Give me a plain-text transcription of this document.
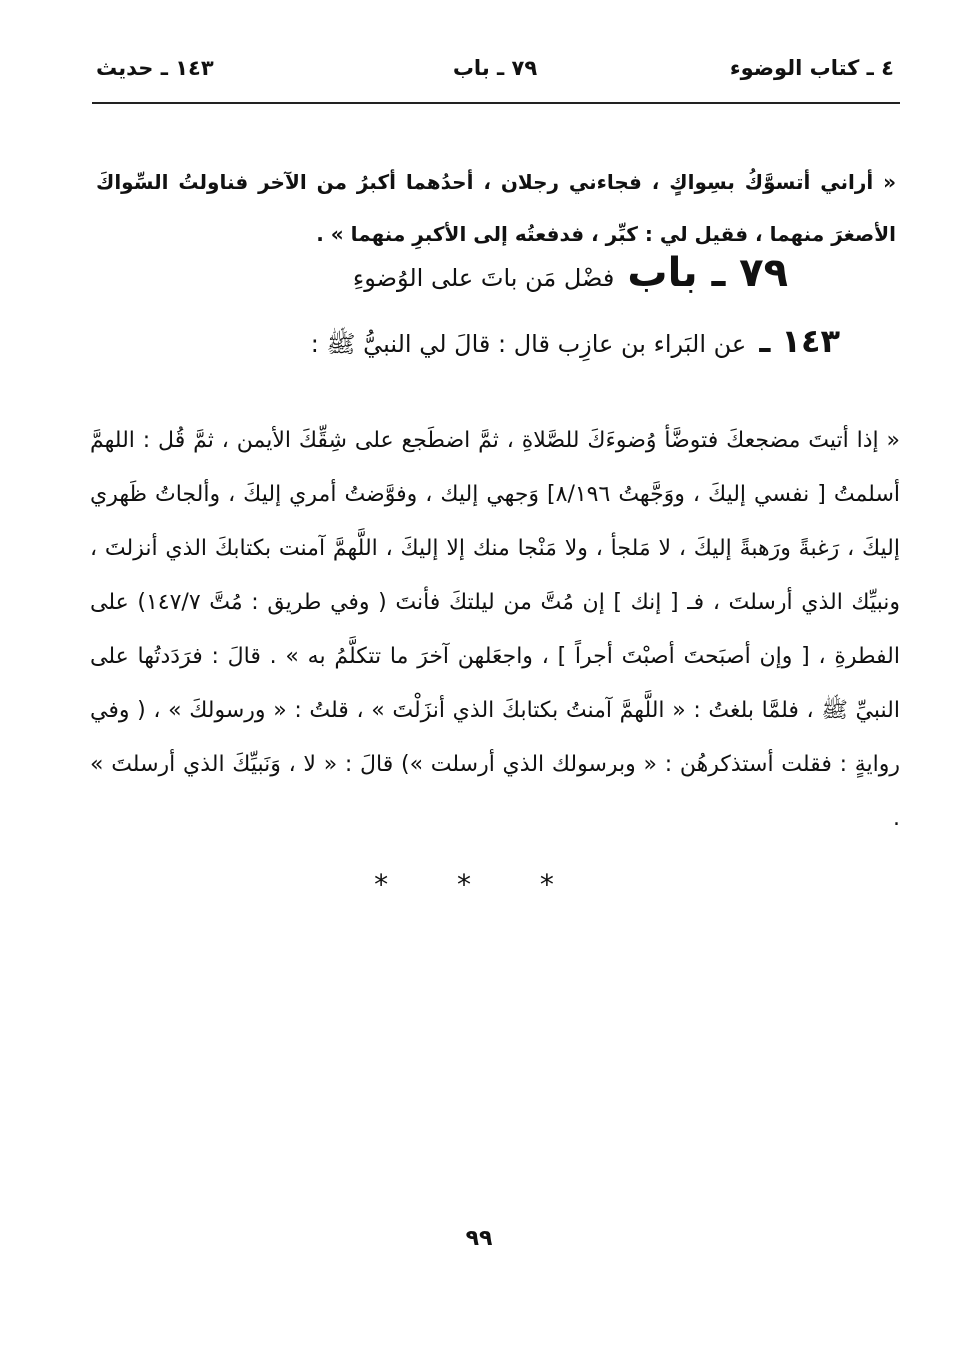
٤ ـ كتاب الوضوء
٧٩ ـ باب
١٤٣ ـ حديث

« أراني أتسوَّكُ بسِواكٍ ، فجاءني رجلان ، أحدُهما أكبرُ من الآخر فناولتُ السِّواكَ الأصغرَ منهما ، فقيل لي : كبِّر ، فدفعتُه إلى الأكبرِ منهما » .

٧٩ ـ باب فضْل مَن باتَ على الوُضوءِ
١٤٣ ـ عن البَراء بن عازِب قال : قالَ لي النبيُّ ﷺ :

« إذا أتيتَ مضجعكَ فتوضَّأ وُضوءَكَ للصَّلاةِ ، ثمَّ اضطَجع على شِقِّكَ الأيمن ، ثمَّ قُل : اللهمَّ أسلمتُ [ نفسي إليكَ ، ووَجَّهتُ ٨/١٩٦] وَجهي إليك ، وفوَّضتُ أمري إليكَ ، وألجاتُ ظَهري إليكَ ، رَغبةً ورَهبةً إليكَ ، لا مَلجأ ، ولا مَنْجا منك إلا إليكَ ، اللَّهمَّ آمنت بكتابكَ الذي أنزلتَ ، ونبيِّك الذي أرسلتَ ، فـ [ إنك ] إن مُتَّ من ليلتكَ فأنتَ ( وفي طريق : مُتَّ ١٤٧/٧) على الفطرةِ ، [ وإن أصبَحتَ أصبْتَ أجراً ] ، واجعَلهن آخرَ ما تتكلَّمُ به » . قالَ : فرَدَدتُها على النبيِّ ﷺ ، فلمَّا بلغتُ : « اللَّهمَّ آمنتُ بكتابكَ الذي أنزَلْتَ » ، قلتُ : « ورسولكَ » ، ( وفي روايةٍ : فقلت أستذكرهُن : « وبرسولك الذي أرسلت ») قالَ : « لا ، وَنَبيِّكَ الذي أرسلتَ » .

* * *
٩٩
